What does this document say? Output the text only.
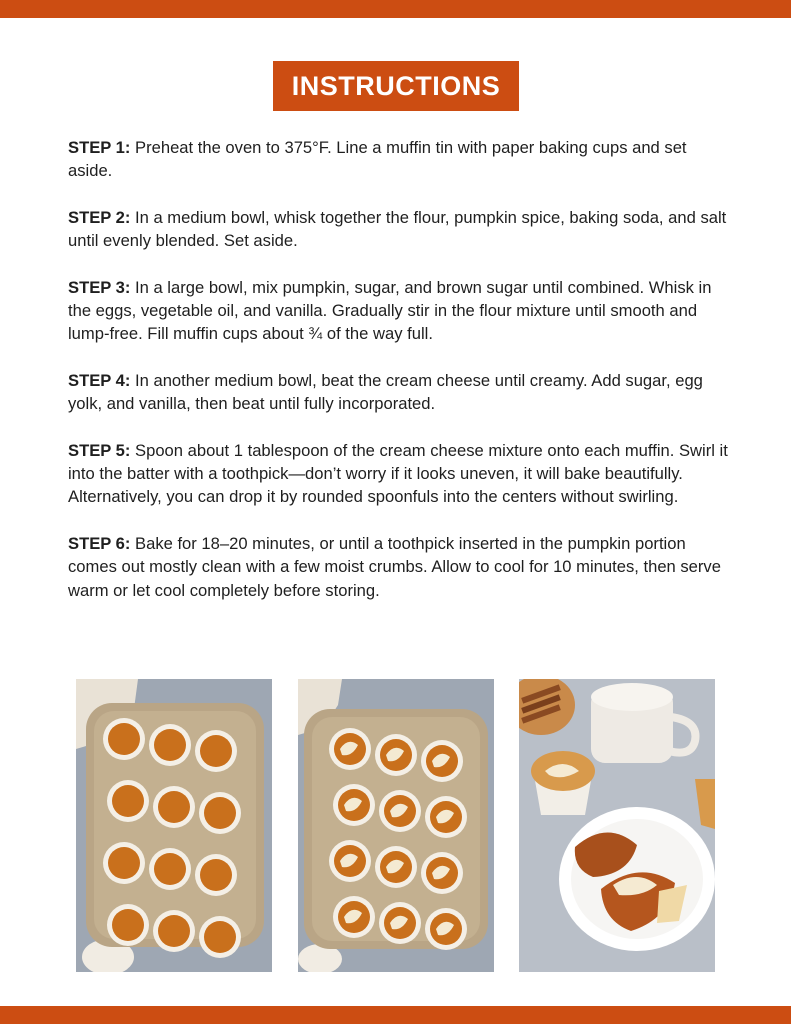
INSTRUCTIONS

STEP 1: Preheat the oven to 375°F. Line a muffin tin with paper baking cups and set aside.

STEP 2: In a medium bowl, whisk together the flour, pumpkin spice, baking soda, and salt until evenly blended. Set aside.

STEP 3: In a large bowl, mix pumpkin, sugar, and brown sugar until combined. Whisk in the eggs, vegetable oil, and vanilla. Gradually stir in the flour mixture until smooth and lump-free. Fill muffin cups about ¾ of the way full.

STEP 4: In another medium bowl, beat the cream cheese until creamy. Add sugar, egg yolk, and vanilla, then beat until fully incorporated.

STEP 5: Spoon about 1 tablespoon of the cream cheese mixture onto each muffin. Swirl it into the batter with a toothpick—don’t worry if it looks uneven, it will bake beautifully. Alternatively, you can drop it by rounded spoonfuls into the centers without swirling.

STEP 6: Bake for 18–20 minutes, or until a toothpick inserted in the pumpkin portion comes out mostly clean with a few moist crumbs. Allow to cool for 10 minutes, then serve warm or let cool completely before storing.
